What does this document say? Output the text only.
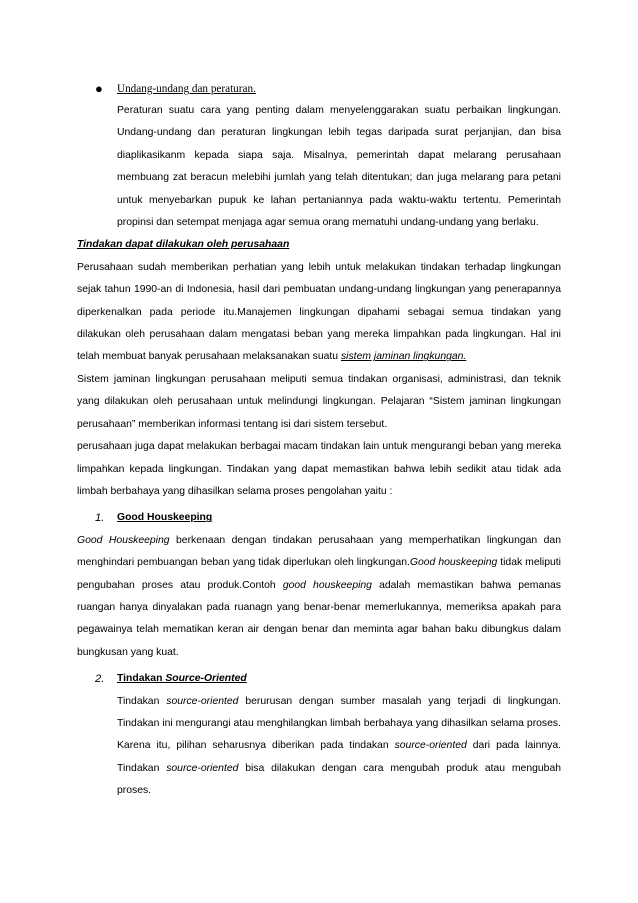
● Undang-undang dan peraturan.

Peraturan suatu cara yang penting dalam menyelenggarakan suatu perbaikan lingkungan. Undang-undang dan peraturan lingkungan lebih tegas daripada surat perjanjian, dan bisa diaplikasikanm kepada siapa saja. Misalnya, pemerintah dapat melarang perusahaan membuang zat beracun melebihi jumlah yang telah ditentukan; dan juga melarang para petani untuk menyebarkan pupuk ke lahan pertaniannya pada waktu-waktu tertentu. Pemerintah propinsi dan setempat menjaga agar semua orang mematuhi undang-undang yang berlaku.

Tindakan dapat dilakukan oleh perusahaan

Perusahaan sudah memberikan perhatian yang lebih untuk melakukan tindakan terhadap lingkungan sejak tahun 1990-an di Indonesia, hasil dari pembuatan undang-undang lingkungan yang penerapannya diperkenalkan pada periode itu.Manajemen lingkungan dipahami sebagai semua tindakan yang dilakukan oleh perusahaan dalam mengatasi beban yang mereka limpahkan pada lingkungan. Hal ini telah membuat banyak perusahaan melaksanakan suatu sistem jaminan lingkungan.

Sistem jaminan lingkungan perusahaan meliputi semua tindakan organisasi, administrasi, dan teknik yang dilakukan oleh perusahaan untuk melindungi lingkungan. Pelajaran “Sistem jaminan lingkungan perusahaan” memberikan informasi tentang isi dari sistem tersebut.

perusahaan juga dapat melakukan berbagai macam tindakan lain untuk mengurangi beban yang mereka limpahkan kepada lingkungan. Tindakan yang dapat memastikan bahwa lebih sedikit atau tidak ada limbah berbahaya yang dihasilkan selama proses pengolahan yaitu :

1. Good Houskeeping

Good Houskeeping berkenaan dengan tindakan perusahaan yang memperhatikan lingkungan dan menghindari pembuangan beban yang tidak diperlukan oleh lingkungan.Good houskeeping tidak meliputi pengubahan proses atau produk.Contoh good houskeeping adalah memastikan bahwa pemanas ruangan hanya dinyalakan pada ruanagn yang benar-benar memerlukannya, memeriksa apakah para pegawainya telah mematikan keran air dengan benar dan meminta agar bahan baku dibungkus dalam bungkusan yang kuat.

2. Tindakan Source-Oriented

Tindakan source-oriented berurusan dengan sumber masalah yang terjadi di lingkungan. Tindakan ini mengurangi atau menghilangkan limbah berbahaya yang dihasilkan selama proses. Karena itu, pilihan seharusnya diberikan pada tindakan source-oriented dari pada lainnya. Tindakan source-oriented bisa dilakukan dengan cara mengubah produk atau mengubah proses.
